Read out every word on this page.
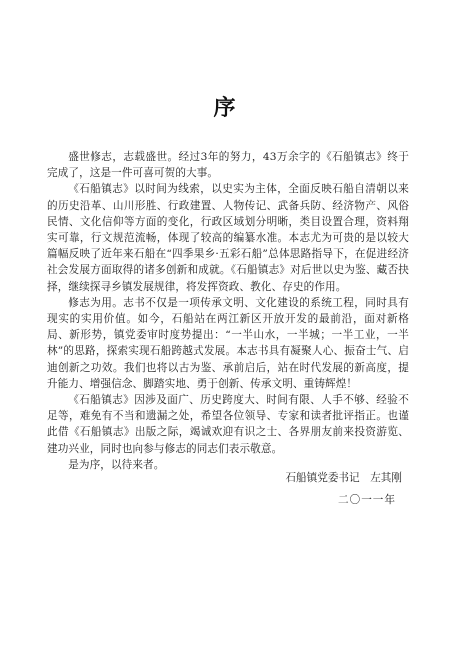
序

盛世修志，志载盛世。经过3年的努力，43万余字的《石船镇志》终于完成了，这是一件可喜可贺的大事。

《石船镇志》以时间为线索，以史实为主体，全面反映石船自清朝以来的历史沿革、山川形胜、行政建置、人物传记、武备兵防、经济物产、风俗民情、文化信仰等方面的变化，行政区域划分明晰，类目设置合理，资料翔实可靠，行文规范流畅，体现了较高的编纂水准。本志尤为可贵的是以较大篇幅反映了近年来石船在“四季果乡·五彩石船”总体思路指导下，在促进经济社会发展方面取得的诸多创新和成就。《石船镇志》对后世以史为鉴、藏否抉择，继续探寻乡镇发展规律，将发挥资政、教化、存史的作用。

修志为用。志书不仅是一项传承文明、文化建设的系统工程，同时具有现实的实用价值。如今，石船站在两江新区开放开发的最前沿，面对新格局、新形势，镇党委审时度势提出：“一半山水，一半城；一半工业，一半林”的思路，探索实现石船跨越式发展。本志书具有凝聚人心、振奋士气、启迪创新之功效。我们也将以古为鉴、承前启后，站在时代发展的新高度，提升能力、增强信念、脚踏实地、勇于创新、传承文明、重铸辉煌！

《石船镇志》因涉及面广、历史跨度大、时间有限、人手不够、经验不足等，难免有不当和遗漏之处，希望各位领导、专家和读者批评指正。也谨此借《石船镇志》出版之际，竭诚欢迎有识之士、各界朋友前来投资游览、建功兴业，同时也向参与修志的同志们表示敬意。

是为序，以待来者。

石船镇党委书记　左其刚
二〇一一年
